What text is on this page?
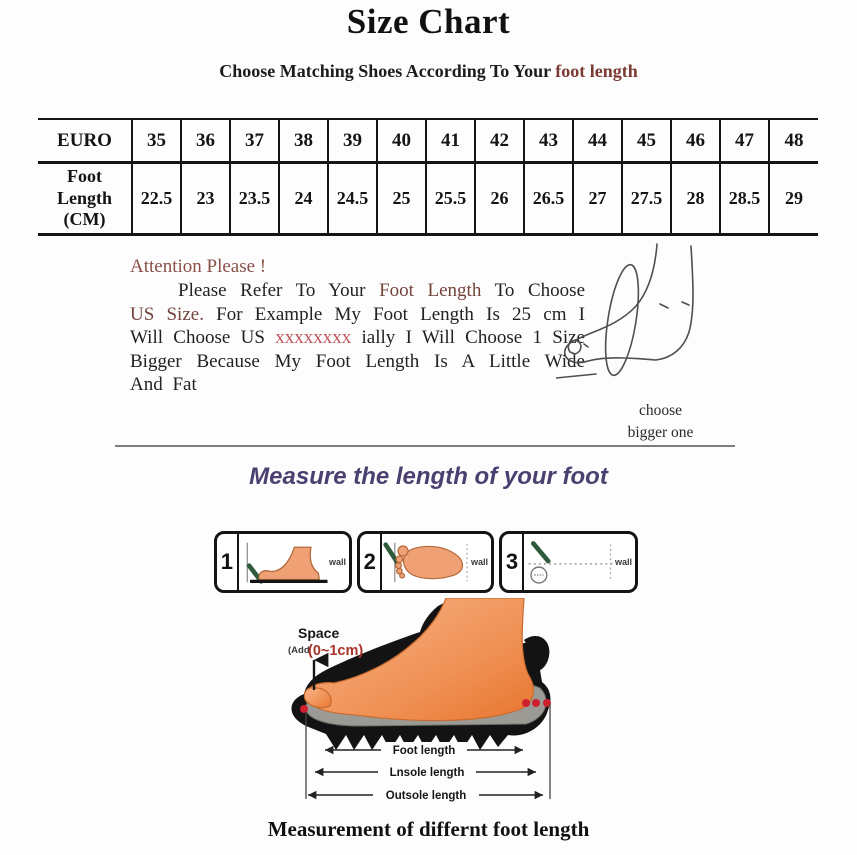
Size Chart
Choose Matching Shoes According To Your foot length
EURO	35	36	37	38	39	40	41	42	43	44	45	46	47	48
Foot Length (CM)	22.5	23	23.5	24	24.5	25	25.5	26	26.5	27	27.5	28	28.5	29
Attention Please !

Please Refer To Your Foot Length To Choose US Size. For Example My Foot Length Is 25 cm I Will Choose US xxxxxxxx ially I Will Choose 1 Size Bigger Because My Foot Length Is A Little Wide And Fat

choose
bigger one
Measure the length of your foot
1	wall 2	wall 3	wall
Space
(Add
(0~1cm)
Foot length
Lnsole length
Outsole length
Measurement of differnt foot length
